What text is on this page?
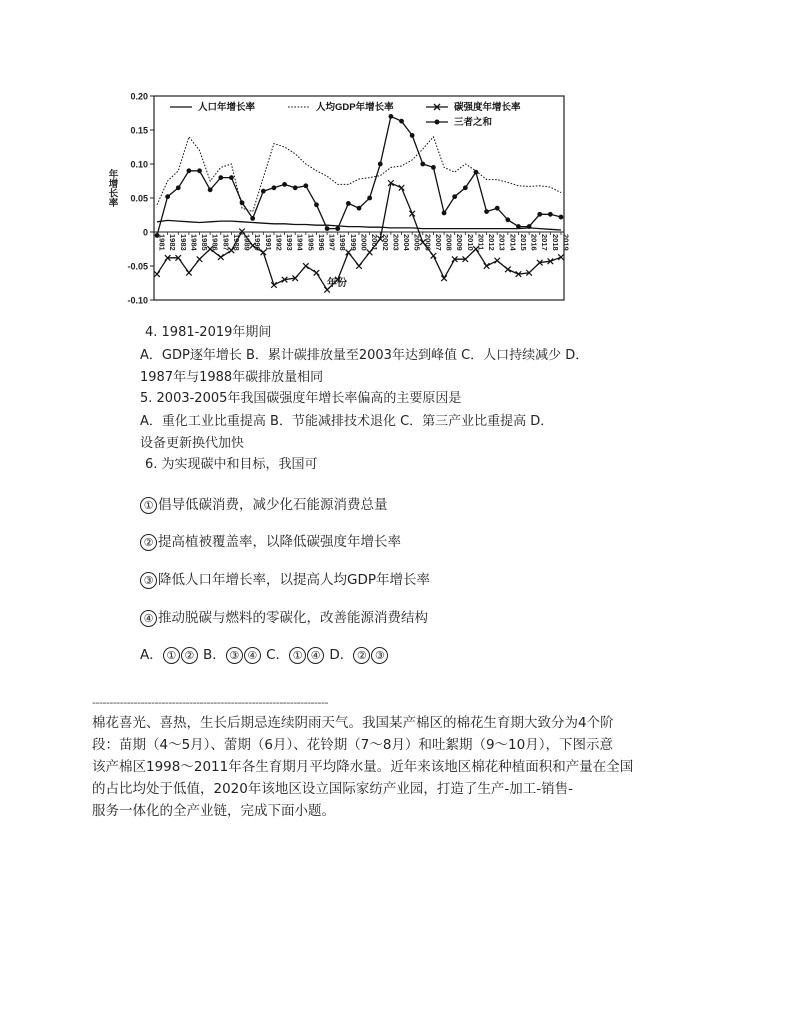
0.20
0.15
0.10
0.05
0
-0.05
-0.10
年增长率
1981 1982 1983 1984 1985 1986 1987 1988 1989 1990 1991 1992 1993 1994 1995 1996 1997 1998 1999 2000 2001 2002 2003 2004 2005 2006 2007 2008 2009 2010 2011 2012 2013 2014 2015 2016 2017 2018 2019
年份
人口年增长率	人均GDP年增长率	碳强度年增长率
三者之和
4. 1981-2019年期间
A．GDP逐年增长 B．累计碳排放量至2003年达到峰值 C．人口持续减少 D．
1987年与1988年碳排放量相同
5. 2003-2005年我国碳强度年增长率偏高的主要原因是
A．重化工业比重提高 B．节能减排技术退化 C．第三产业比重提高 D．
设备更新换代加快
6. 为实现碳中和目标，我国可
① 倡导低碳消费，减少化石能源消费总量
② 提高植被覆盖率，以降低碳强度年增长率
③ 降低人口年增长率，以提高人均GDP年增长率
④ 推动脱碳与燃料的零碳化，改善能源消费结构
A． ① ② B． ③ ④ C． ① ④ D． ② ③
--------------------------------------------------------------------
棉花喜光、喜热，生长后期忌连续阴雨天气。我国某产棉区的棉花生育期大致分为4个阶
段：苗期（4～5月）、蕾期（6月）、花铃期（7～8月）和吐絮期（9～10月），下图示意
该产棉区1998～2011年各生育期月平均降水量。近年来该地区棉花种植面积和产量在全国
的占比均处于低值，2020年该地区设立国际家纺产业园，打造了生产-加工-销售-
服务一体化的全产业链，完成下面小题。
